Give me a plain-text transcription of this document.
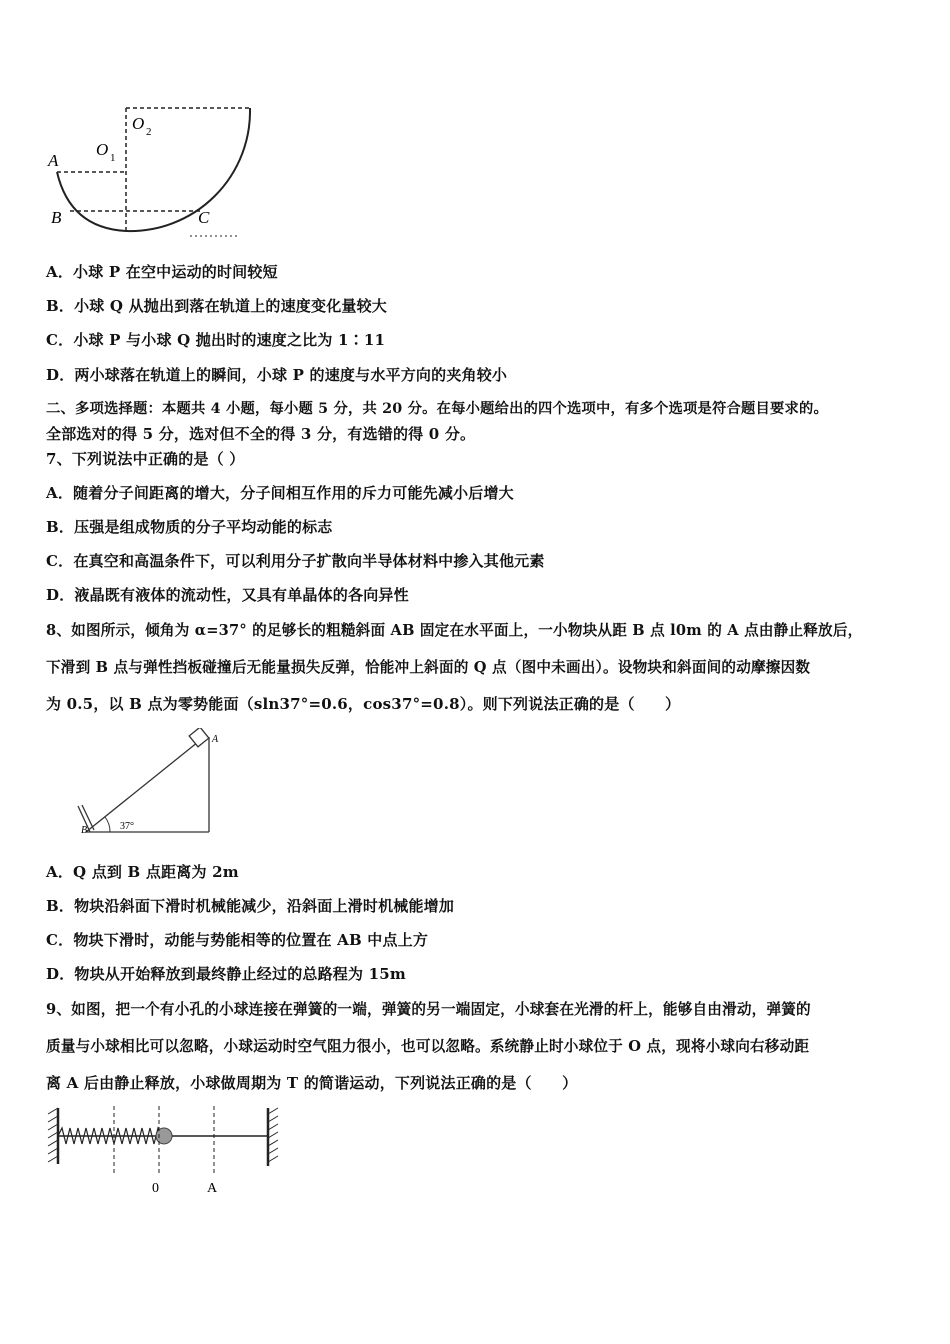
A
B	C
O 1
O 2
A．小球 P 在空中运动的时间较短
B．小球 Q 从抛出到落在轨道上的速度变化量较大
C．小球 P 与小球 Q 抛出时的速度之比为 1∶11
D．两小球落在轨道上的瞬间，小球 P 的速度与水平方向的夹角较小
二、多项选择题：本题共 4 小题，每小题 5 分，共 20 分。在每小题给出的四个选项中，有多个选项是符合题目要求的。
全部选对的得 5 分，选对但不全的得 3 分，有选错的得 0 分。
7、下列说法中正确的是（ ）
A．随着分子间距离的增大，分子间相互作用的斥力可能先减小后增大
B．压强是组成物质的分子平均动能的标志
C．在真空和高温条件下，可以利用分子扩散向半导体材料中掺入其他元素
D．液晶既有液体的流动性，又具有单晶体的各向异性
8、如图所示，倾角为 α=37° 的足够长的粗糙斜面 AB 固定在水平面上，一小物块从距 B 点 l0m 的 A 点由静止释放后，
下滑到 B 点与弹性挡板碰撞后无能量损失反弹，恰能冲上斜面的 Q 点（图中未画出）。设物块和斜面间的动摩擦因数
为 0.5，以 B 点为零势能面（sln37°=0.6，cos37°=0.8）。则下列说法正确的是（　　）
A
B	37°
A．Q 点到 B 点距离为 2m
B．物块沿斜面下滑时机械能减少，沿斜面上滑时机械能增加
C．物块下滑时，动能与势能相等的位置在 AB 中点上方
D．物块从开始释放到最终静止经过的总路程为 15m
9、如图，把一个有小孔的小球连接在弹簧的一端，弹簧的另一端固定，小球套在光滑的杆上，能够自由滑动，弹簧的
质量与小球相比可以忽略，小球运动时空气阻力很小，也可以忽略。系统静止时小球位于 O 点，现将小球向右移动距
离 A 后由静止释放，小球做周期为 T 的简谐运动，下列说法正确的是（　　）
0	A
